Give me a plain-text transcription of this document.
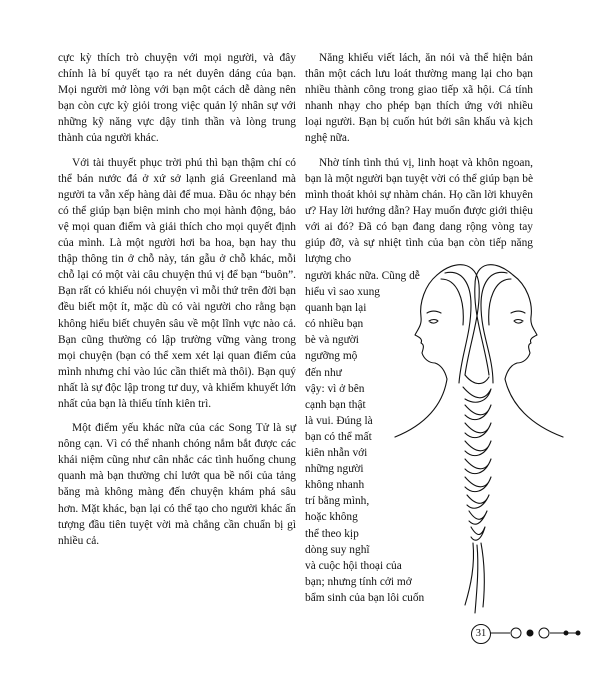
cực kỳ thích trò chuyện với mọi người, và đây chính là bí quyết tạo ra nét duyên dáng của bạn. Mọi người mở lòng với bạn một cách dễ dàng nên bạn còn cực kỳ giỏi trong việc quản lý nhân sự với những kỹ năng vực dậy tinh thần và lòng trung thành của người khác.

Với tài thuyết phục trời phú thì bạn thậm chí có thể bán nước đá ở xứ sở lạnh giá Greenland mà người ta vẫn xếp hàng dài để mua. Đầu óc nhạy bén có thể giúp bạn biện minh cho mọi hành động, bảo vệ mọi quan điểm và giải thích cho mọi quyết định của mình. Là một người hơi ba hoa, bạn hay thu thập thông tin ở chỗ này, tán gẫu ở chỗ khác, mỗi chỗ lại có một vài câu chuyện thú vị để bạn “buôn”. Bạn rất có khiếu nói chuyện vì mỗi thứ trên đời bạn đều biết một ít, mặc dù có vài người cho rằng bạn không hiểu biết chuyên sâu về một lĩnh vực nào cả. Bạn cũng thường có lập trường vững vàng trong mọi chuyện (bạn có thể xem xét lại quan điểm của mình nhưng chỉ vào lúc cần thiết mà thôi). Bạn quý nhất là sự độc lập trong tư duy, và khiếm khuyết lớn nhất của bạn là thiếu tính kiên trì.

Một điểm yếu khác nữa của các Song Tử là sự nông cạn. Vì có thể nhanh chóng nắm bắt được các khái niệm cũng như cân nhắc các tình huống chung quanh mà bạn thường chỉ lướt qua bề nổi của tảng băng mà không màng đến chuyện khám phá sâu hơn. Mặt khác, bạn lại có thể tạo cho người khác ấn tượng đầu tiên tuyệt vời mà chẳng cần chuẩn bị gì nhiều cả.

Năng khiếu viết lách, ăn nói và thể hiện bản thân một cách lưu loát thường mang lại cho bạn nhiều thành công trong giao tiếp xã hội. Cá tính nhanh nhạy cho phép bạn thích ứng với nhiều loại người. Bạn bị cuốn hút bởi sân khấu và kịch nghệ nữa.

Nhờ tính tình thú vị, linh hoạt và khôn ngoan, bạn là một người bạn tuyệt vời có thể giúp bạn bè mình thoát khỏi sự nhàm chán. Họ cần lời khuyên ư? Hay lời hướng dẫn? Hay muốn được giới thiệu với ai đó? Đã có bạn đang dang rộng vòng tay giúp đỡ, và sự nhiệt tình của bạn còn tiếp năng lượng cho

người khác nữa. Cũng dễ
hiểu vì sao xung
quanh bạn lại
có nhiều bạn
bè và người
ngưỡng mộ
đến như
vậy: vì ở bên
cạnh bạn thật
là vui. Đúng là
bạn có thể mất
kiên nhẫn với
những người
không nhanh
trí bằng mình,
hoặc không
thể theo kịp
dòng suy nghĩ
và cuộc hội thoại của
bạn; nhưng tính cởi mở
bẩm sinh của bạn lôi cuốn
31
